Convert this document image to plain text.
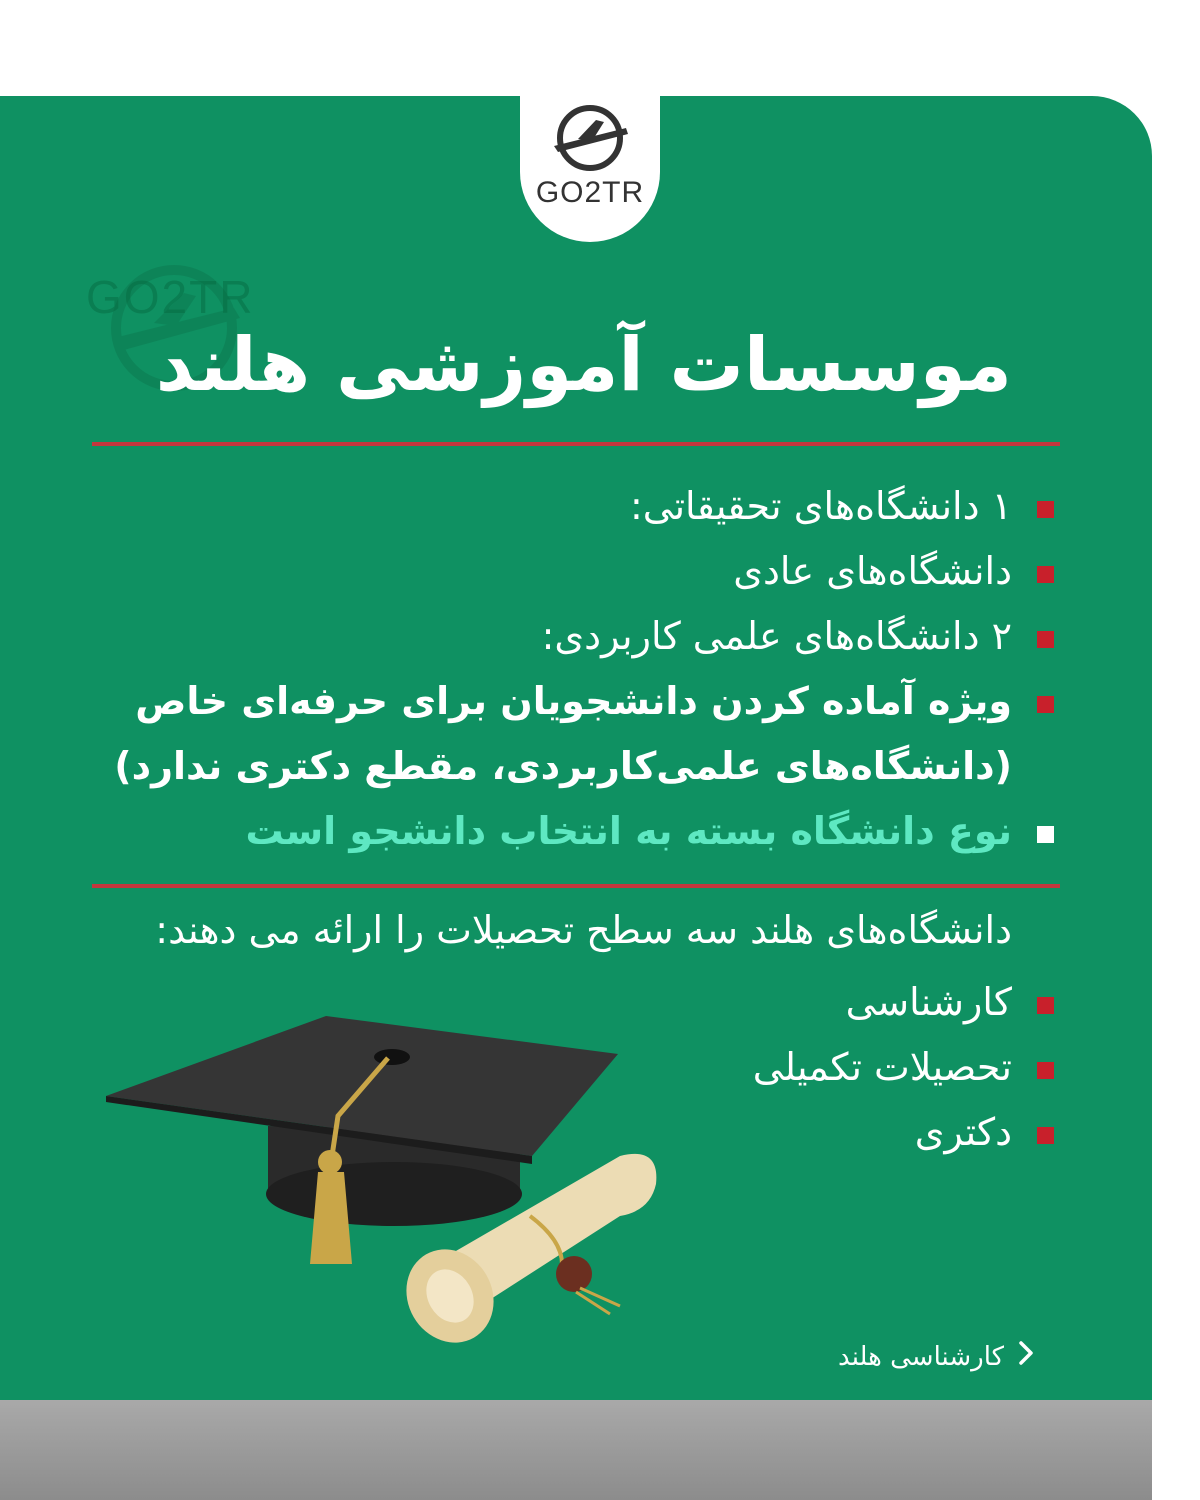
GO2TR
موسسات آموزشی هلند
۱ دانشگاه‌های تحقیقاتی:
دانشگاه‌های عادی
۲ دانشگاه‌های علمی کاربردی:
ویژه آماده کردن دانشجویان برای حرفه‌ای خاص
(دانشگاه‌های علمی‌کاربردی، مقطع دکتری ندارد)
نوع دانشگاه بسته به انتخاب دانشجو است
دانشگاه‌های هلند سه سطح تحصیلات را ارائه می دهند:
کارشناسی
تحصیلات تکمیلی
دکتری
کارشناسی هلند
GO2TR
